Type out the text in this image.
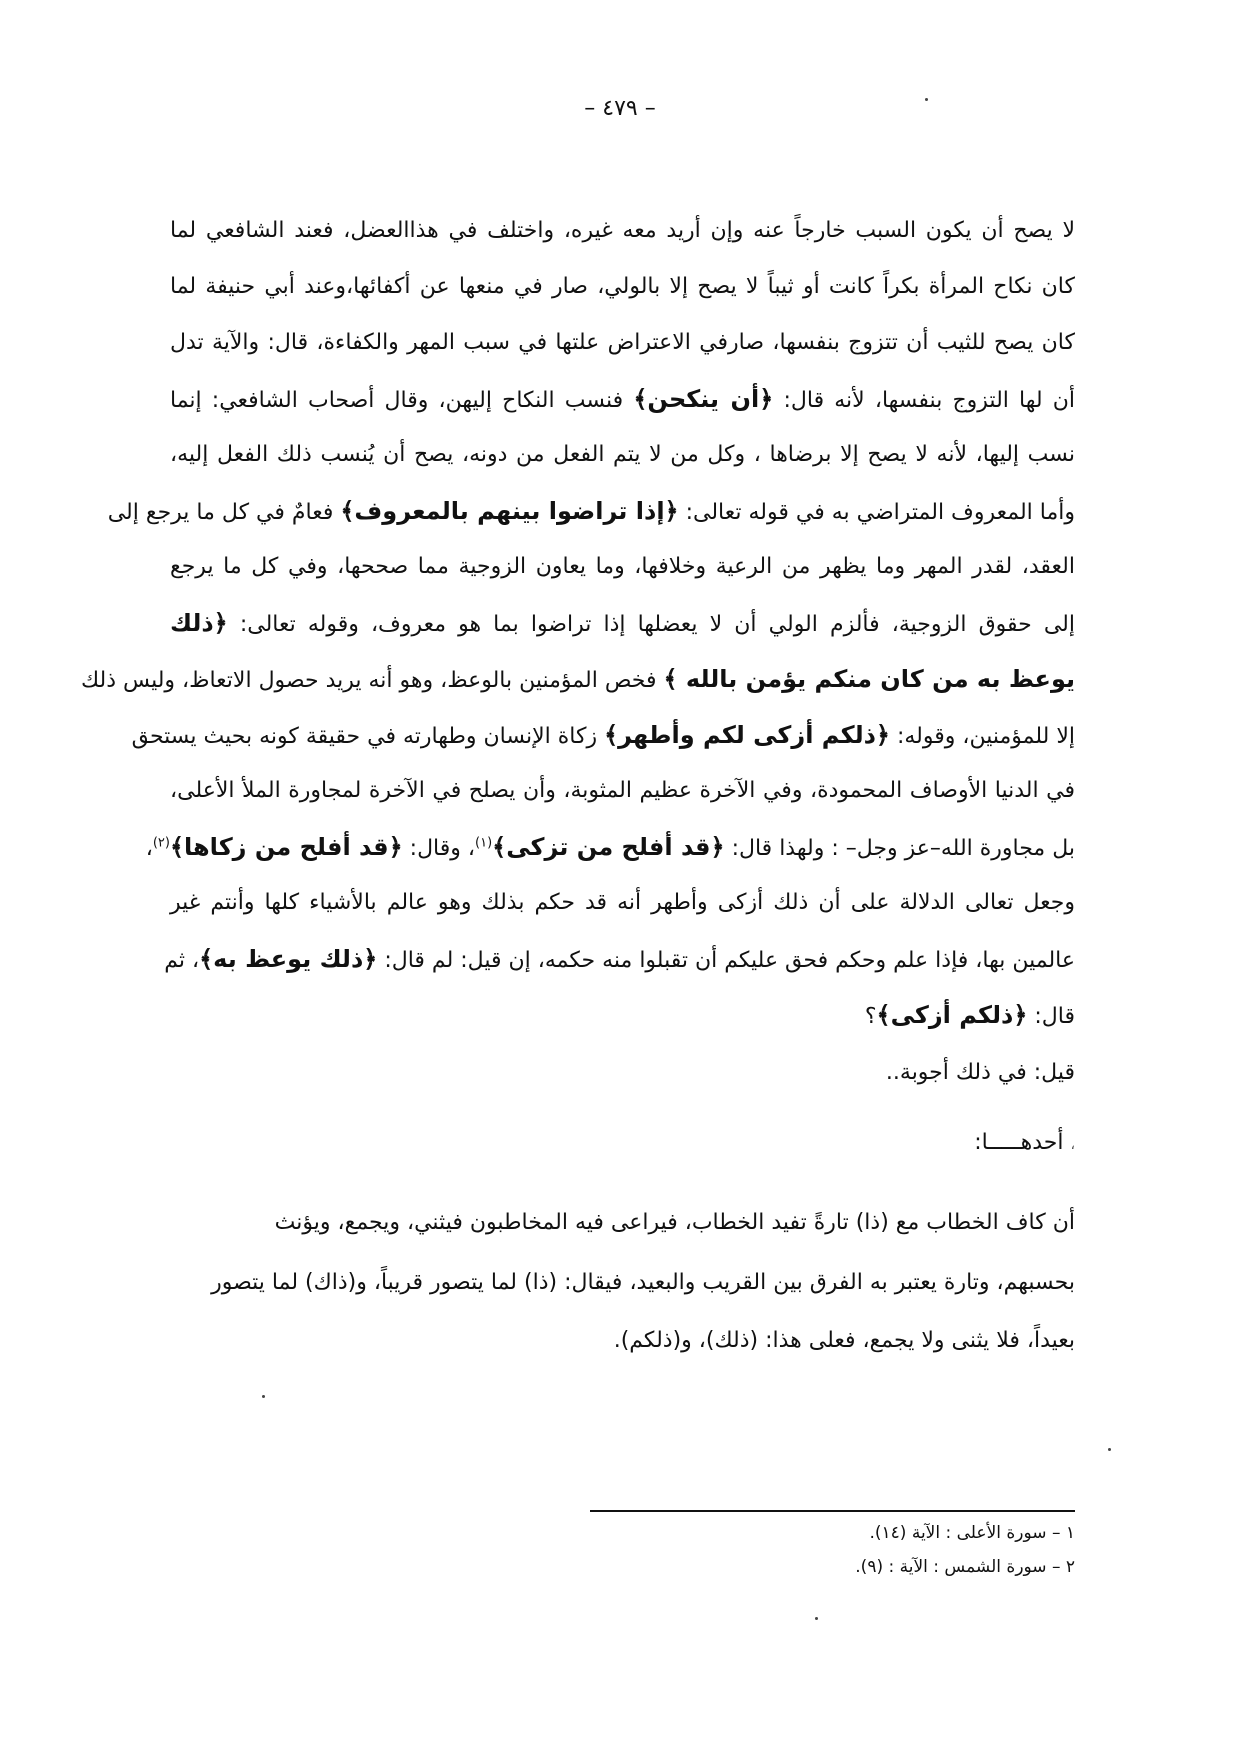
– ٤٧٩ –
لا يصح أن يكون السبب خارجاً عنه وإن أريد معه غيره، واختلف في هذاالعضل، فعند الشافعي لما
كان نكاح المرأة بكراً كانت أو ثيباً لا يصح إلا بالولي، صار في منعها عن أكفائها،وعند أبي حنيفة لما
كان يصح للثيب أن تتزوج بنفسها، صارفي الاعتراض علتها في سبب المهر والكفاءة، قال: والآية تدل
أن لها التزوج بنفسها، لأنه قال: ﴿أن ينكحن﴾ فنسب النكاح إليهن، وقال أصحاب الشافعي: إنما
نسب إليها، لأنه لا يصح إلا برضاها ، وكل من لا يتم الفعل من دونه، يصح أن يُنسب ذلك الفعل إليه،
وأما المعروف المتراضي به في قوله تعالى: ﴿إذا تراضوا بينهم بالمعروف﴾ فعامٌ في كل ما يرجع إلى
العقد، لقدر المهر وما يظهر من الرعية وخلافها، وما يعاون الزوجية مما صححها، وفي كل ما يرجع
إلى حقوق الزوجية، فألزم الولي أن لا يعضلها إذا تراضوا بما هو معروف، وقوله تعالى: ﴿ذلك
يوعظ به من كان منكم يؤمن بالله ﴾ فخص المؤمنين بالوعظ، وهو أنه يريد حصول الاتعاظ، وليس ذلك
إلا للمؤمنين، وقوله: ﴿ذلكم أزكى لكم وأطهر﴾ زكاة الإنسان وطهارته في حقيقة كونه بحيث يستحق
في الدنيا الأوصاف المحمودة، وفي الآخرة عظيم المثوبة، وأن يصلح في الآخرة لمجاورة الملأ الأعلى،
بل مجاورة الله–عز وجل– : ولهذا قال: ﴿قد أفلح من تزكى﴾$^{(١)}$، وقال: ﴿قد أفلح من زكاها﴾$^{(٢)}$،
وجعل تعالى الدلالة على أن ذلك أزكى وأطهر أنه قد حكم بذلك وهو عالم بالأشياء كلها وأنتم غير
عالمين بها، فإذا علم وحكم فحق عليكم أن تقبلوا منه حكمه، إن قيل: لم قال: ﴿ذلك يوعظ به﴾، ثم
قال: ﴿ذلكم أزكى﴾؟
قيل: في ذلك أجوبة..
، أحدهـــــا:
أن كاف الخطاب مع (ذا) تارةً تفيد الخطاب، فيراعى فيه المخاطبون فيثني، ويجمع، ويؤنث
بحسبهم، وتارة يعتبر به الفرق بين القريب والبعيد، فيقال: (ذا) لما يتصور قريباً، و(ذاك) لما يتصور
بعيداً، فلا يثنى ولا يجمع، فعلى هذا: (ذلك)، و(ذلكم).
١ – سورة الأعلى : الآية (١٤).
٢ – سورة الشمس : الآية : (٩).
